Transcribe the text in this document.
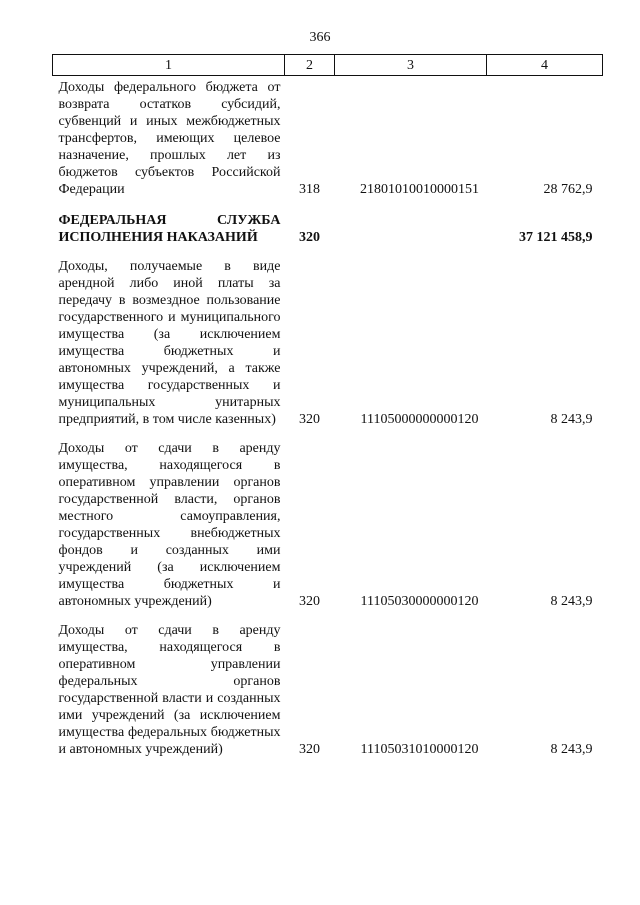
366
1	2	3	4
Доходы федерального бюджета от возврата остатков субсидий, субвенций и иных межбюджетных трансфертов, имеющих целевое назначение, прошлых лет из бюджетов субъектов Российской Федерации	318	21801010010000151	28 762,9
ФЕДЕРАЛЬНАЯ СЛУЖБА ИСПОЛНЕНИЯ НАКАЗАНИЙ	320		37 121 458,9
Доходы, получаемые в виде арендной либо иной платы за передачу в возмездное пользование государственного и муниципального имущества (за исключением имущества бюджетных и автономных учреждений, а также имущества государственных и муниципальных унитарных предприятий, в том числе казенных)	320	11105000000000120	8 243,9
Доходы от сдачи в аренду имущества, находящегося в оперативном управлении органов государственной власти, органов местного самоуправления, государственных внебюджетных фондов и созданных ими учреждений (за исключением имущества бюджетных и автономных учреждений)	320	11105030000000120	8 243,9
Доходы от сдачи в аренду имущества, находящегося в оперативном управлении федеральных органов государственной власти и созданных ими учреждений (за исключением имущества федеральных бюджетных и автономных учреждений)	320	11105031010000120	8 243,9
